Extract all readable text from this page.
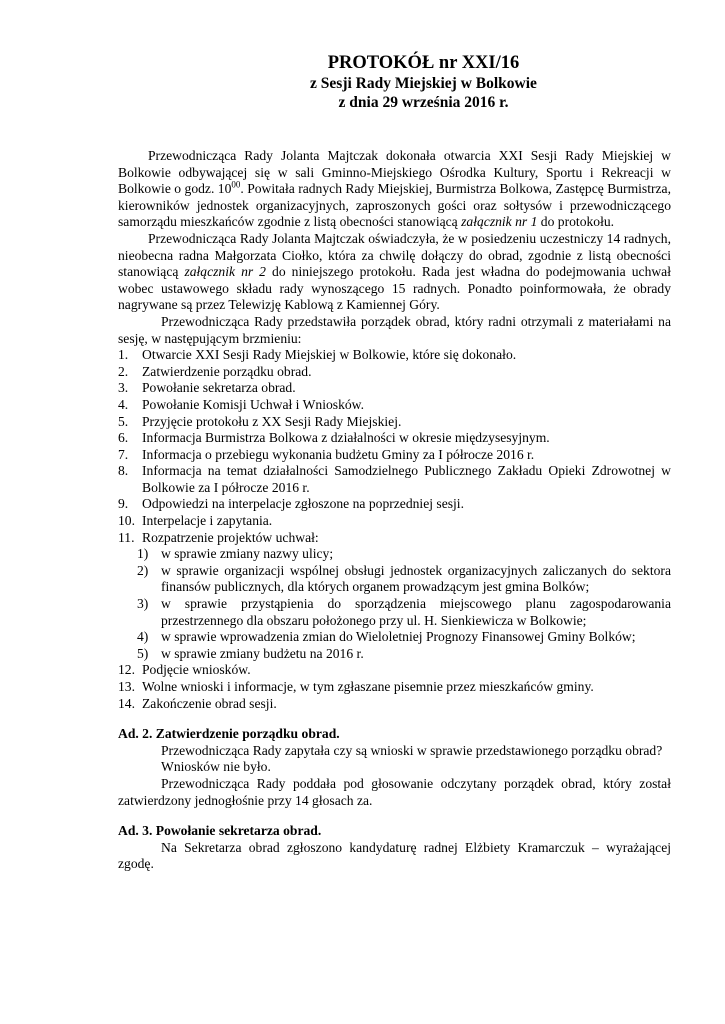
PROTOKÓŁ nr XXI/16

z Sesji Rady Miejskiej w Bolkowie

z dnia 29 września 2016 r.

Przewodnicząca Rady Jolanta Majtczak dokonała otwarcia XXI Sesji Rady Miejskiej w Bolkowie odbywającej się w sali Gminno-Miejskiego Ośrodka Kultury, Sportu i Rekreacji w Bolkowie o godz. $10^{00}$. Powitała radnych Rady Miejskiej, Burmistrza Bolkowa, Zastępcę Burmistrza, kierowników jednostek organizacyjnych, zaproszonych gości oraz sołtysów i przewodniczącego samorządu mieszkańców zgodnie z listą obecności stanowiącą załącznik nr 1 do protokołu.

Przewodnicząca Rady Jolanta Majtczak oświadczyła, że w posiedzeniu uczestniczy 14 radnych, nieobecna radna Małgorzata Ciołko, która za chwilę dołączy do obrad, zgodnie z listą obecności stanowiącą załącznik nr 2 do niniejszego protokołu. Rada jest władna do podejmowania uchwał wobec ustawowego składu rady wynoszącego 15 radnych. Ponadto poinformowała, że obrady nagrywane są przez Telewizję Kablową z Kamiennej Góry.

Przewodnicząca Rady przedstawiła porządek obrad, który radni otrzymali z materiałami na sesję, w następującym brzmieniu:

1.	Otwarcie XXI Sesji Rady Miejskiej w Bolkowie, które się dokonało.
2.	Zatwierdzenie porządku obrad.
3.	Powołanie sekretarza obrad.
4.	Powołanie Komisji Uchwał i Wniosków.
5.	Przyjęcie protokołu z XX Sesji Rady Miejskiej.
6.	Informacja Burmistrza Bolkowa z działalności w okresie międzysesyjnym.
7.	Informacja o przebiegu wykonania budżetu Gminy za I półrocze 2016 r.
8.	Informacja na temat działalności Samodzielnego Publicznego Zakładu Opieki Zdrowotnej w Bolkowie za I półrocze 2016 r.
9.	Odpowiedzi na interpelacje zgłoszone na poprzedniej sesji.
10. Interpelacje i zapytania.
11. Rozpatrzenie projektów uchwał:
1) w sprawie zmiany nazwy ulicy;
2) w sprawie organizacji wspólnej obsługi jednostek organizacyjnych zaliczanych do sektora finansów publicznych, dla których organem prowadzącym jest gmina Bolków;
3) w sprawie przystąpienia do sporządzenia miejscowego planu zagospodarowania przestrzennego dla obszaru położonego przy ul. H. Sienkiewicza w Bolkowie;
4) w sprawie wprowadzenia zmian do Wieloletniej Prognozy Finansowej Gminy Bolków;
5) w sprawie zmiany budżetu na 2016 r.
12. Podjęcie wniosków.
13. Wolne wnioski i informacje, w tym zgłaszane pisemnie przez mieszkańców gminy.
14. Zakończenie obrad sesji.

Ad. 2. Zatwierdzenie porządku obrad.

Przewodnicząca Rady zapytała czy są wnioski w sprawie przedstawionego porządku obrad?

Wniosków nie było.

Przewodnicząca Rady poddała pod głosowanie odczytany porządek obrad, który został zatwierdzony jednogłośnie przy 14 głosach za.

Ad. 3. Powołanie sekretarza obrad.

Na Sekretarza obrad zgłoszono kandydaturę radnej Elżbiety Kramarczuk – wyrażającej zgodę.
